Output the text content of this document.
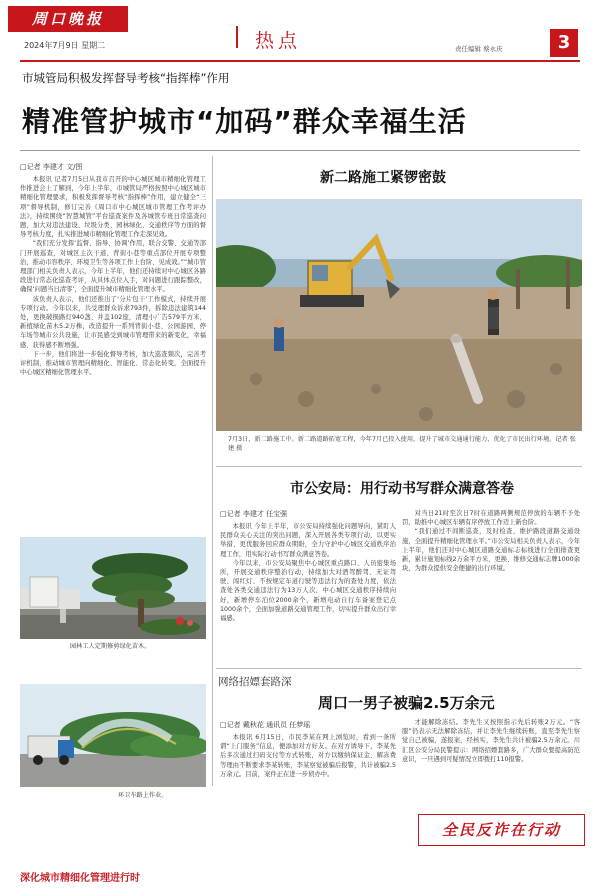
周口晚报
2024年7月9日 星期二	热点	责任编辑 蔡永庆	3
市城管局积极发挥督导考核“指挥棒”作用
精准管护城市“加码”群众幸福生活
□记者 李建才 文/图

本报讯 记者7月5日从我市召开的中心城区城市精细化管理工作推进会上了解到，今年上半年，市城管局严格按照中心城区城市精细化管理要求，积极发挥督导考核“指挥棒”作用，建立健全“三项”督导机制，修订完善《周口市中心城区城市管理工作考评办法》，持续围绕“智慧城管”平台巡查案件及各城管专班日常巡查问题，加大对违法建设、垃圾分类、园林绿化、交通秩序等方面的督导考核力度，扎实推进城市精细化管理工作走深见效。

“我们充分发挥‘监督、指导、协调’作用，联合交警、交通等部门开展巡查，对城区主次干道、背街小巷等重点部位开展专项整治，推动市容秩序、环境卫生等各项工作上台阶、见成效。”“城市管理部门相关负责人表示，今年上半年，他们还持续对中心城区各路段进行常态化巡查考评，从具体点位入手，对问题进行跟踪整改，确保‘问题当日清零’，全面提升城市精细化管理水平。

该负责人表示，他们还推出了‘分片包干’工作模式，持续开展专项行动。今年以来，共受理群众诉求793件，拆除违法建筑144处，更换破损路灯940盏、井盖102座，清理小广告579平方米，新植绿化苗木5.2万株，改造提升一系列背街小巷、公园游园、停车场等城市公共设施，让市民感受到城市管理带来的新变化，幸福感、获得感不断增强。

下一步，他们将进一步强化督导考核，加大巡查频次，完善考评机制，推动城市管理向精细化、智能化、常态化转变，全面提升中心城区精细化管理水平。

园林工人定期修剪绿化苗木。
环卫车路上作业。
新二路施工紧锣密鼓
7月3日，新二路施工中。新二路道路拓宽工程，今年7月已投入使用，提升了城市交通通行能力，优化了市民出行环境。记者 张建 摄
市公安局：用行动书写群众满意答卷
□记者 李建才 任宝强

本报讯 今年上半年，市公安局持续强化问题导向，紧盯人民群众关心关注的突出问题，深入开展各类专项行动，以更实举措、更优服务回应群众期盼，全力守护中心城区交通秩序治理工作，用实际行动书写群众满意答卷。

今年以来，市公安局聚焦中心城区重点路口、人员密集场所，开展交通秩序整治行动，持续加大对酒驾醉驾、无证驾驶、闯红灯、不按规定车道行驶等违法行为的查处力度，依法查处各类交通违法行为13万人次，中心城区交通秩序持续向好，新增停车泊位2000余个，新增电动自行车备案登记点1000余个，全面加强道路交通管理工作，切实提升群众出行幸福感。

对当日21时至次日7时在道路两侧规范停放的车辆不予处罚，助推中心城区车辆有序停放工作迈上新台阶。

“我们通过不间断巡查，及时检查、维护路段道路交通设施，全面提升精细化管理水平。”市公安局相关负责人表示，今年上半年，他们还对中心城区道路交通标志标线进行全面排查更新，累计施划标线2万余平方米，更换、维修交通标志牌1000余块，为群众提供安全便捷的出行环境。

网络招嫖套路深
周口一男子被骗2.5万余元
□记者 戴秋花 通讯员 任梦瑶

本报讯 6月15日，市民李某在网上浏览时，看到一条所谓“上门服务”信息，便添加对方好友。在对方诱导下，李某先后多次通过扫码支付等方式转账，对方以缴纳保证金、解冻费等理由不断要求李某转账，李某察觉被骗后报警，共计被骗2.5万余元。目前，案件正在进一步侦办中。

才能解除冻结。李先生又按照指示先后转账2万元。“客服”仍表示无法解除冻结，并让李先生继续转账，直至李先生察觉自己被骗，遂报案，经核实，李先生共计被骗2.5万余元。川汇区公安分局民警提示：网络招嫖套路多，广大群众要提高防范意识，一旦遇到可疑情况立即拨打110报警。

全民反诈在行动
深化城市精细化管理进行时
